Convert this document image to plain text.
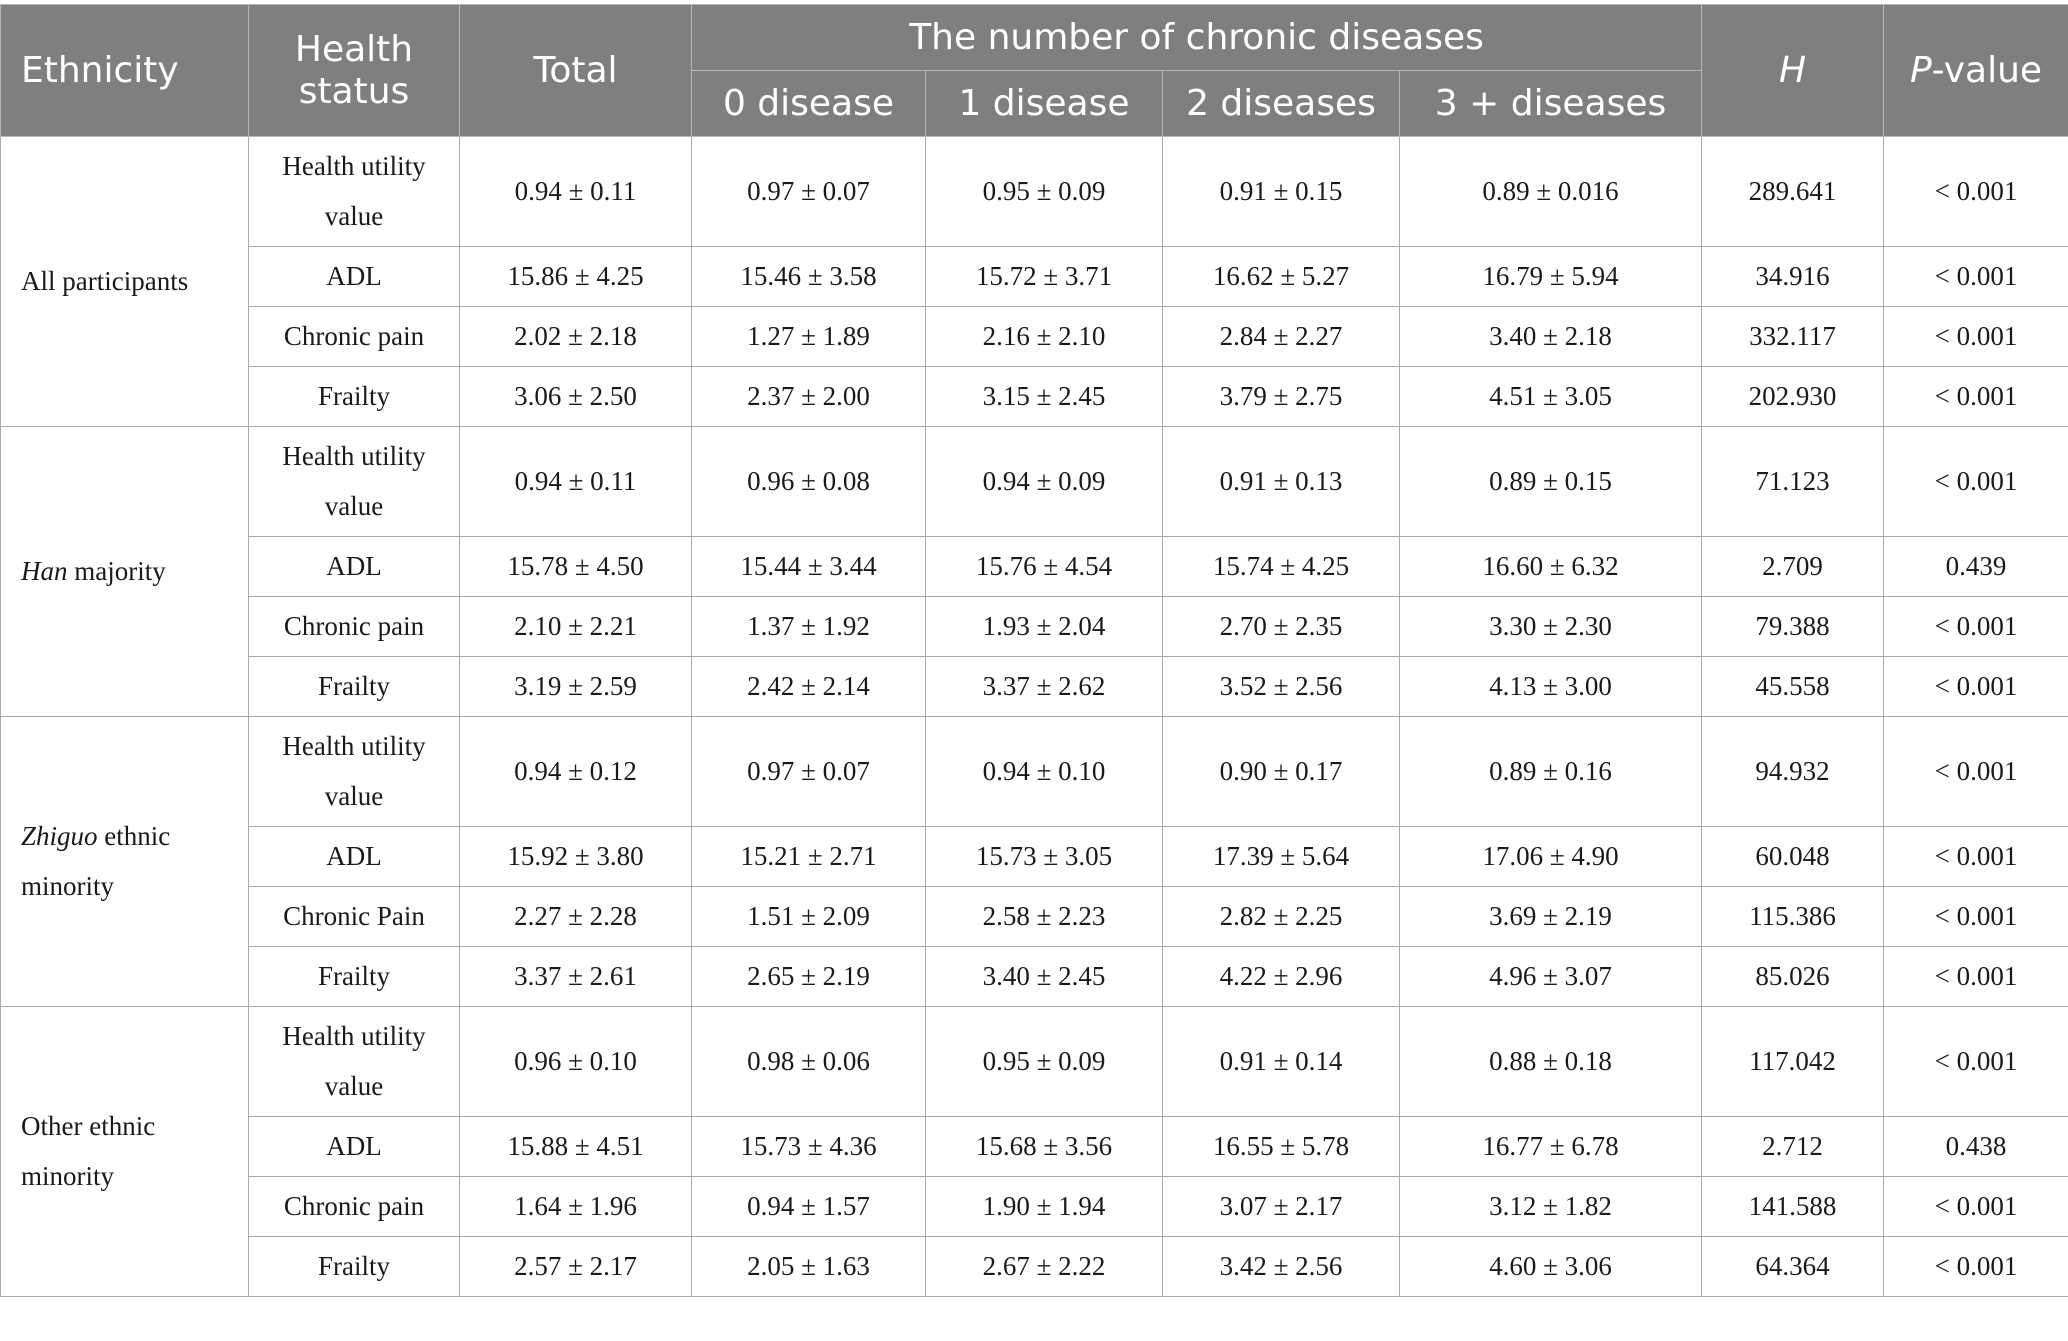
Ethnicity	Health status	Total	The number of chronic diseases				H	P-value
			0 disease	1 disease	2 diseases	3 + diseases		
All participants	Health utility value	0.94 ± 0.11	0.97 ± 0.07	0.95 ± 0.09	0.91 ± 0.15	0.89 ± 0.016	289.641	< 0.001
	ADL	15.86 ± 4.25	15.46 ± 3.58	15.72 ± 3.71	16.62 ± 5.27	16.79 ± 5.94	34.916	< 0.001
	Chronic pain	2.02 ± 2.18	1.27 ± 1.89	2.16 ± 2.10	2.84 ± 2.27	3.40 ± 2.18	332.117	< 0.001
	Frailty	3.06 ± 2.50	2.37 ± 2.00	3.15 ± 2.45	3.79 ± 2.75	4.51 ± 3.05	202.930	< 0.001
Han majority	Health utility value	0.94 ± 0.11	0.96 ± 0.08	0.94 ± 0.09	0.91 ± 0.13	0.89 ± 0.15	71.123	< 0.001
	ADL	15.78 ± 4.50	15.44 ± 3.44	15.76 ± 4.54	15.74 ± 4.25	16.60 ± 6.32	2.709	0.439
	Chronic pain	2.10 ± 2.21	1.37 ± 1.92	1.93 ± 2.04	2.70 ± 2.35	3.30 ± 2.30	79.388	< 0.001
	Frailty	3.19 ± 2.59	2.42 ± 2.14	3.37 ± 2.62	3.52 ± 2.56	4.13 ± 3.00	45.558	< 0.001
Zhiguo ethnic minority	Health utility value	0.94 ± 0.12	0.97 ± 0.07	0.94 ± 0.10	0.90 ± 0.17	0.89 ± 0.16	94.932	< 0.001
	ADL	15.92 ± 3.80	15.21 ± 2.71	15.73 ± 3.05	17.39 ± 5.64	17.06 ± 4.90	60.048	< 0.001
	Chronic Pain	2.27 ± 2.28	1.51 ± 2.09	2.58 ± 2.23	2.82 ± 2.25	3.69 ± 2.19	115.386	< 0.001
	Frailty	3.37 ± 2.61	2.65 ± 2.19	3.40 ± 2.45	4.22 ± 2.96	4.96 ± 3.07	85.026	< 0.001
Other ethnic minority	Health utility value	0.96 ± 0.10	0.98 ± 0.06	0.95 ± 0.09	0.91 ± 0.14	0.88 ± 0.18	117.042	< 0.001
	ADL	15.88 ± 4.51	15.73 ± 4.36	15.68 ± 3.56	16.55 ± 5.78	16.77 ± 6.78	2.712	0.438
	Chronic pain	1.64 ± 1.96	0.94 ± 1.57	1.90 ± 1.94	3.07 ± 2.17	3.12 ± 1.82	141.588	< 0.001
	Frailty	2.57 ± 2.17	2.05 ± 1.63	2.67 ± 2.22	3.42 ± 2.56	4.60 ± 3.06	64.364	< 0.001
